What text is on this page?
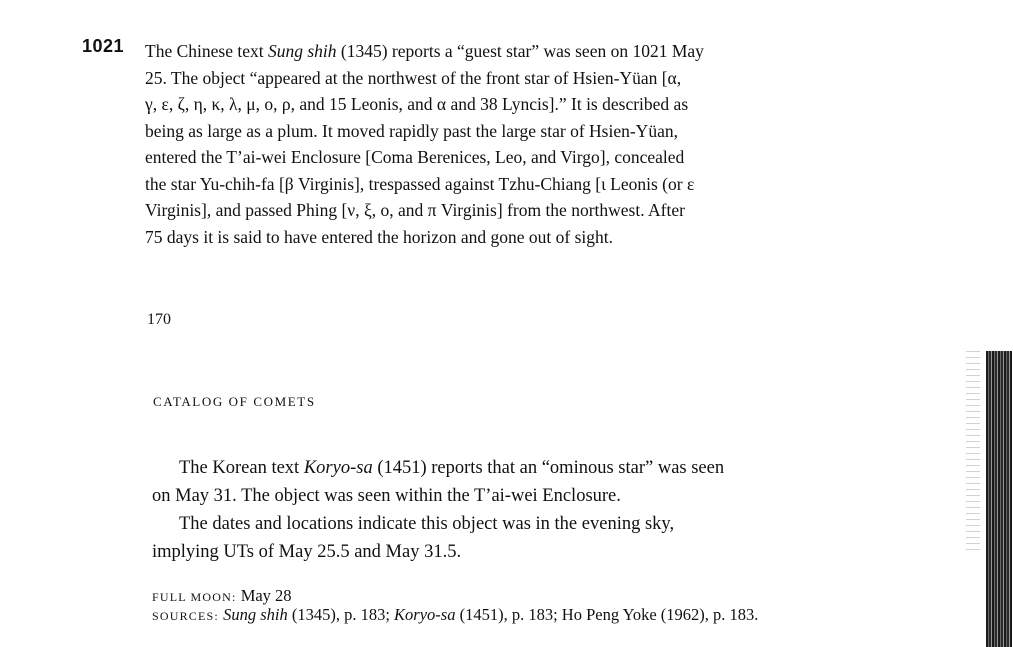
1021 The Chinese text Sung shih (1345) reports a “guest star” was seen on 1021 May
25. The object “appeared at the northwest of the front star of Hsien-Yüan [α,
γ, ε, ζ, η, κ, λ, μ, ο, ρ, and 15 Leonis, and α and 38 Lyncis].” It is described as
being as large as a plum. It moved rapidly past the large star of Hsien-Yüan,
entered the T’ai-wei Enclosure [Coma Berenices, Leo, and Virgo], concealed
the star Yu-chih-fa [β Virginis], trespassed against Tzhu-Chiang [ι Leonis (or ε
Virginis], and passed Phing [ν, ξ, ο, and π Virginis] from the northwest. After
75 days it is said to have entered the horizon and gone out of sight.
170
CATALOG OF COMETS
The Korean text Koryo-sa (1451) reports that an “ominous star” was seen
on May 31. The object was seen within the T’ai-wei Enclosure.
The dates and locations indicate this object was in the evening sky,
implying UTs of May 25.5 and May 31.5.
FULL MOON: May 28
SOURCES: Sung shih (1345), p. 183; Koryo-sa (1451), p. 183; Ho Peng Yoke (1962), p. 183.
